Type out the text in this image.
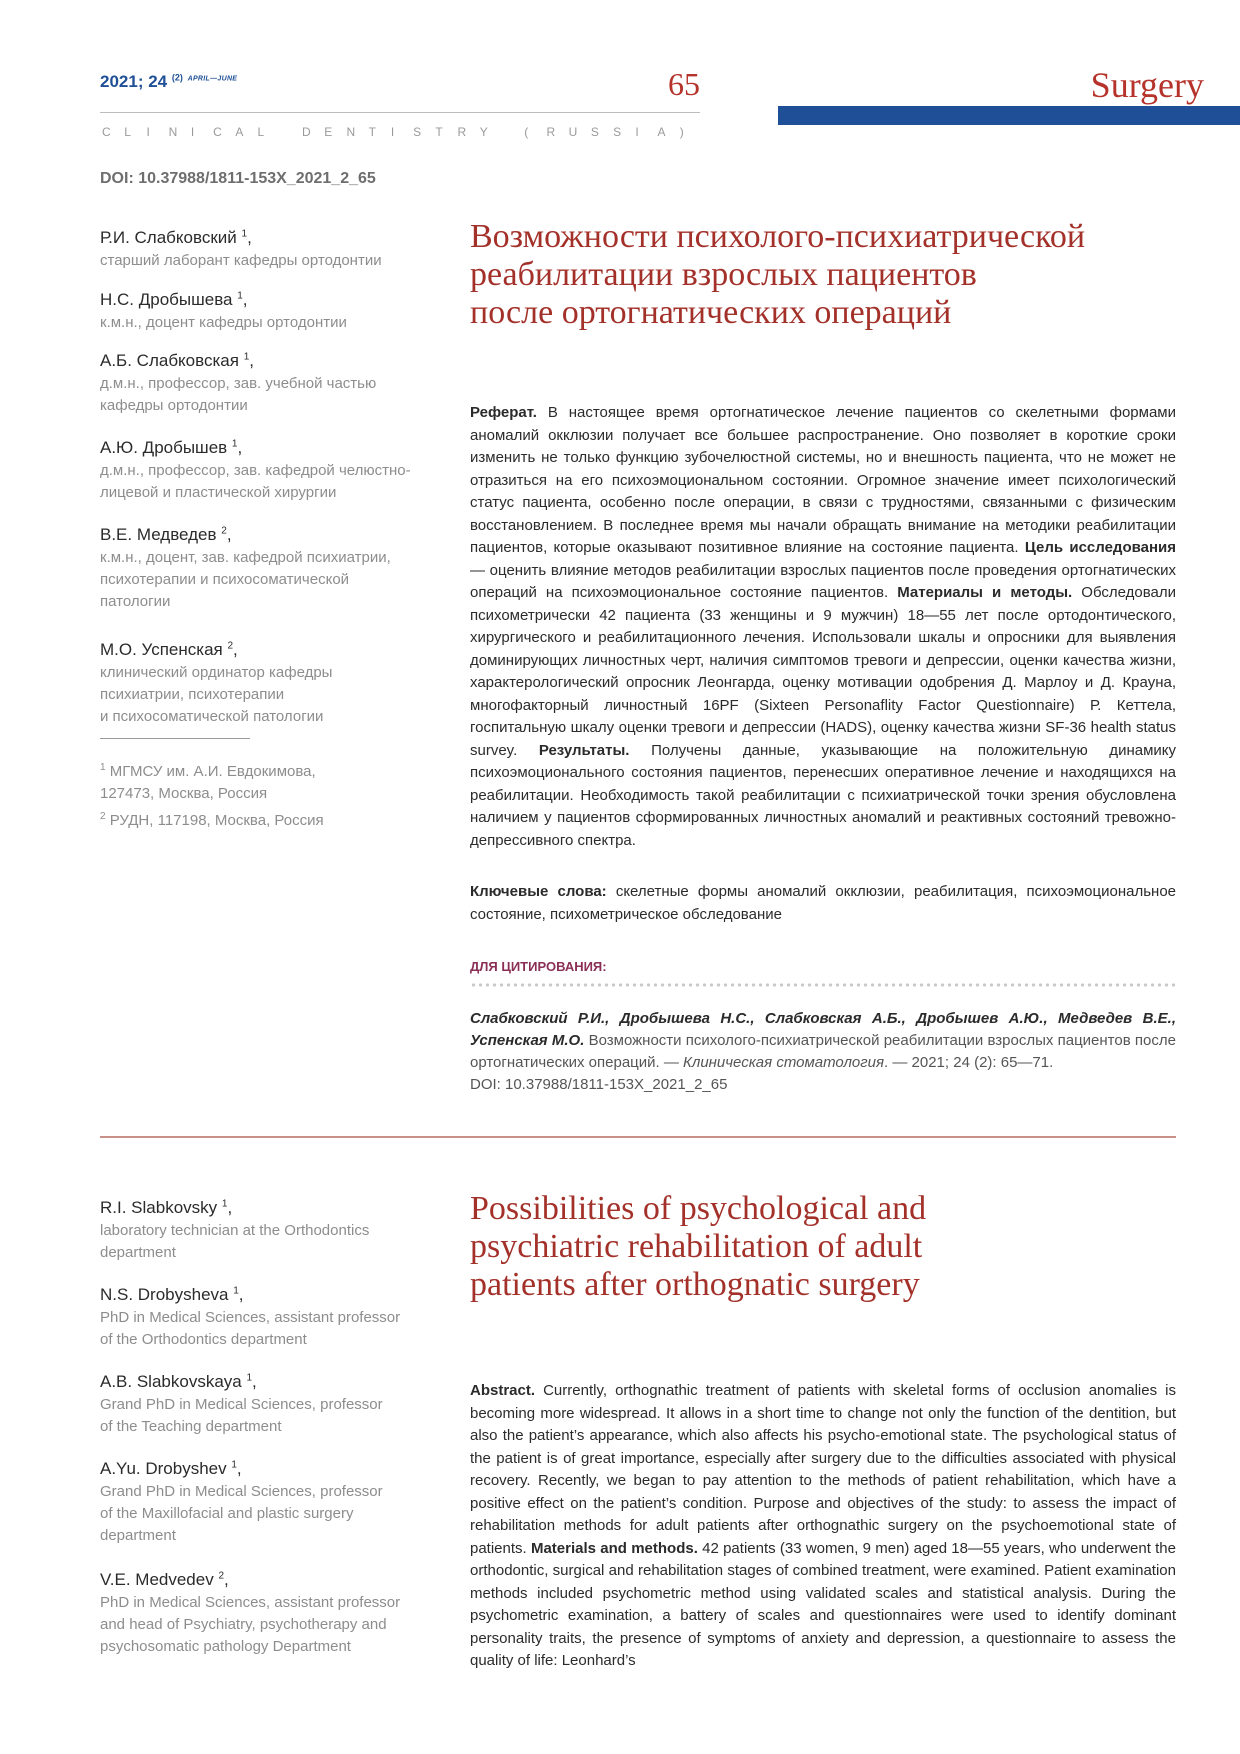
2021; 24 $^{(2)}$ $^{APRIL—JUNE}$	65
C L I N I C A L	D E N T I S T R Y	( R U S S I A )
Surgery
DOI: 10.37988/1811-153X_2021_2_65
Р.И. Слабковский $^1$,
старший лаборант кафедры ортодонтии
Н.С. Дробышева $^1$,
к.м.н., доцент кафедры ортодонтии
А.Б. Слабковская $^1$,
д.м.н., профессор, зав. учебной частью
кафедры ортодонтии
А.Ю. Дробышев $^1$,
д.м.н., профессор, зав. кафедрой челюстно-
лицевой и пластической хирургии
В.Е. Медведев $^2$,
к.м.н., доцент, зав. кафедрой психиатрии,
психотерапии и психосоматической
патологии
М.О. Успенская $^2$,
клинический ординатор кафедры
психиатрии, психотерапии
и психосоматической патологии
$^1$ МГМСУ им. А.И. Евдокимова,
127473, Москва, Россия
$^2$ РУДН, 117198, Москва, Россия
Возможности психолого-психиатрической
реабилитации взрослых пациентов
после ортогнатических операций
Реферат. В настоящее время ортогнатическое лечение пациентов со скелетными формами аномалий окклюзии получает все большее распространение. Оно позволяет в короткие сроки изменить не только функцию зубочелюстной системы, но и внешность пациента, что не может не отразиться на его психоэмоциональном состоянии. Огромное значение имеет психологический статус пациента, особенно после операции, в связи с трудностями, связанными с физическим восстановлением. В последнее время мы начали обращать внимание на методики реабилитации пациентов, которые оказывают позитивное влияние на состояние пациента. Цель исследования — оценить влияние методов реабилитации взрослых пациентов после проведения ортогнатических операций на психоэмоциональное состояние пациентов. Материалы и методы. Обследовали психометрически 42 пациента (33 женщины и 9 мужчин) 18—55 лет после ортодонтического, хирургического и реабилитационного лечения. Использовали шкалы и опросники для выявления доминирующих личностных черт, наличия симптомов тревоги и депрессии, оценки качества жизни, характерологический опросник Леонгарда, оценку мотивации одобрения Д. Марлоу и Д. Крауна, многофакторный личностный 16PF (Sixteen Personaflity Factor Questionnaire) Р. Кеттела, госпитальную шкалу оценки тревоги и депрессии (HADS), оценку качества жизни SF-36 health status survey. Результаты. Получены данные, указывающие на положительную динамику психоэмоционального состояния пациентов, перенесших оперативное лечение и находящихся на реабилитации. Необходимость такой реабилитации с психиатрической точки зрения обусловлена наличием у пациентов сформированных личностных аномалий и реактивных состояний тревожно-депрессивного спектра.
Ключевые слова: скелетные формы аномалий окклюзии, реабилитация, психоэмоциональное состояние, психометрическое обследование
ДЛЯ ЦИТИРОВАНИЯ:
Слабковский Р.И., Дробышева Н.С., Слабковская А.Б., Дробышев А.Ю., Медведев В.Е., Успенская М.О. Возможности психолого-психиатрической реабилитации взрослых пациентов после ортогнатических операций. — Клиническая стоматология. — 2021; 24 (2): 65—71.
DOI: 10.37988/1811-153X_2021_2_65
R.I. Slabkovsky $^1$,
laboratory technician at the Orthodontics
department
N.S. Drobysheva $^1$,
PhD in Medical Sciences, assistant professor
of the Orthodontics department
A.B. Slabkovskaya $^1$,
Grand PhD in Medical Sciences, professor
of the Teaching department
A.Yu. Drobyshev $^1$,
Grand PhD in Medical Sciences, professor
of the Maxillofacial and plastic surgery
department
V.E. Medvedev $^2$,
PhD in Medical Sciences, assistant professor
and head of Psychiatry, psychotherapy and
psychosomatic pathology Department
Possibilities of psychological and
psychiatric rehabilitation of adult
patients after orthognatic surgery
Abstract. Currently, orthognathic treatment of patients with skeletal forms of occlusion anomalies is becoming more widespread. It allows in a short time to change not only the function of the dentition, but also the patient’s appearance, which also affects his psycho-emotional state. The psychological status of the patient is of great importance, especially after surgery due to the difficulties associated with physical recovery. Recently, we began to pay attention to the methods of patient rehabilitation, which have a positive effect on the patient’s condition. Purpose and objectives of the study: to assess the impact of rehabilitation methods for adult patients after orthognathic surgery on the psychoemotional state of patients. Materials and methods. 42 patients (33 women, 9 men) aged 18—55 years, who underwent the orthodontic, surgical and rehabilitation stages of combined treatment, were examined. Patient examination methods included psychometric method using validated scales and statistical analysis. During the psychometric examination, a battery of scales and questionnaires were used to identify dominant personality traits, the presence of symptoms of anxiety and depression, a questionnaire to assess the quality of life: Leonhard’s
